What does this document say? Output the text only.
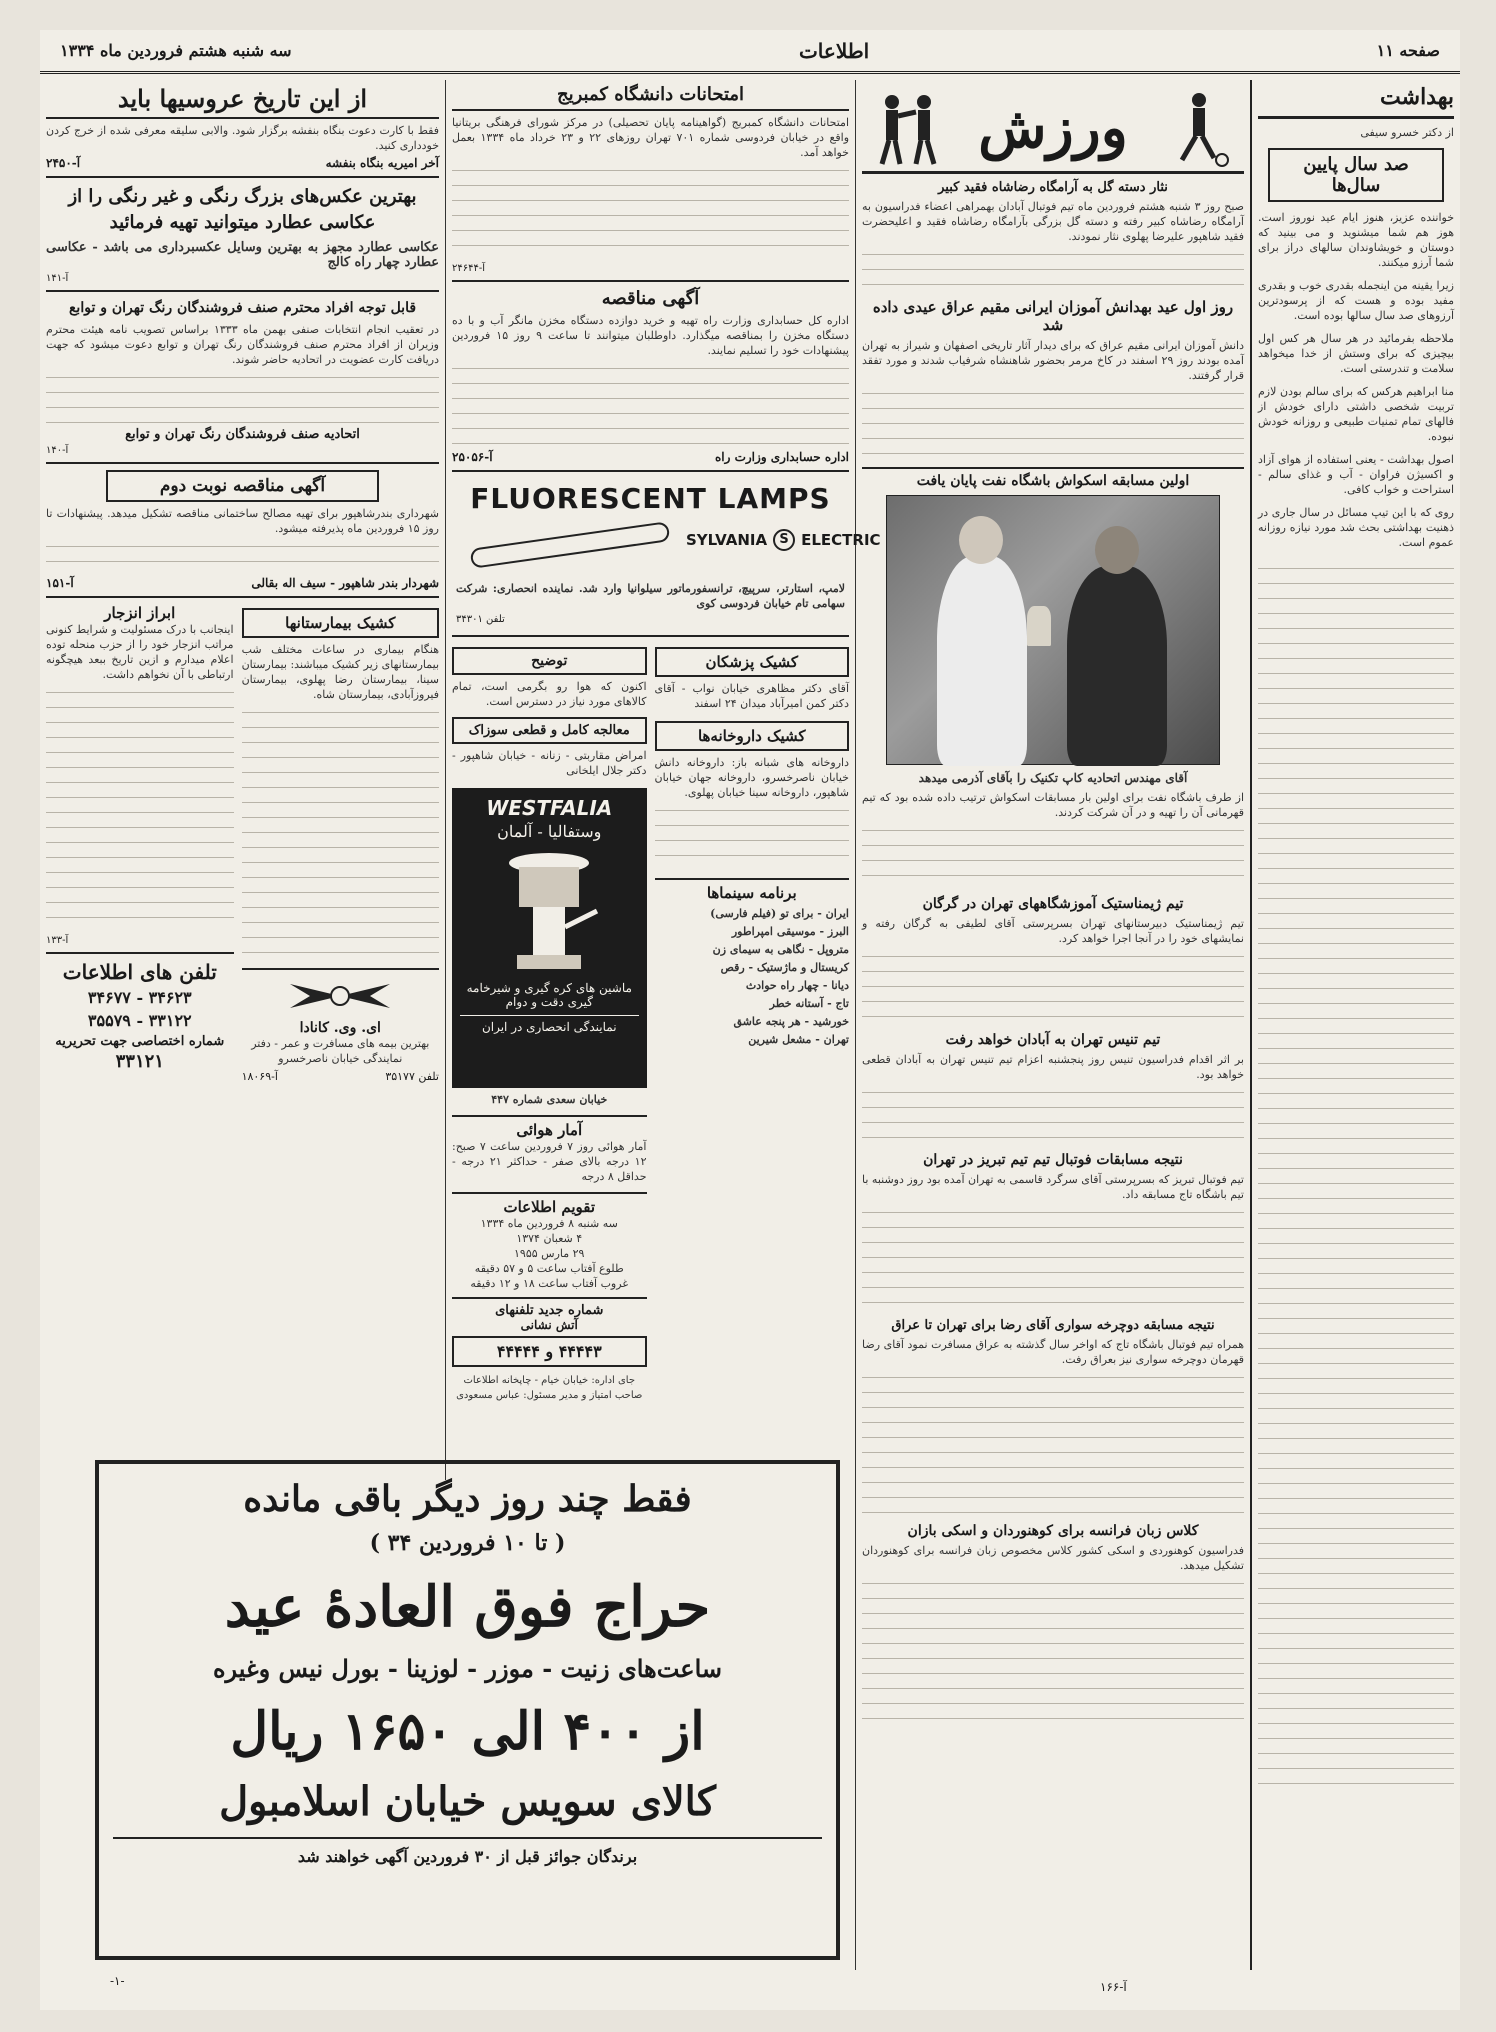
سه شنبه هشتم فروردین ماه ۱۳۳۴	اطلاعات	صفحه ۱۱
بهداشت
از دکتر خسرو سیفی
صد سال پایین سال‌ها

خواننده عزیز، هنوز ایام عید نوروز است. هوز هم شما میشنوید و می بینید که دوستان و خویشاوندان سالهای دراز برای شما آرزو میکنند.

زیرا یقینه من اینجمله بقدری خوب و بقدری مفید بوده و هست که از پرسودترین آرزوهای صد سال سالها بوده است.

ملاحظه بفرمائید در هر سال هر کس اول بیچیزی که برای وستش از خدا میخواهد سلامت و تندرستی است.

منا ابراهیم هرکس که برای سالم بودن لازم تربیت شخصی داشتی دارای خودش از فالهای تمام تمنیات طبیعی و روزانه خودش نبوده.

اصول بهداشت - یعنی استفاده از هوای آزاد و اکسیژن فراوان - آب و غذای سالم - استراحت و خواب کافی.

روی که با این تیپ مسائل در سال جاری در ذهنیت بهداشتی بحث شد مورد نیازه روزانه عموم است.

ورزش
نثار دسته گل به آرامگاه رضاشاه فقید کبیر

صبح روز ۳ شنبه هشتم فروردین ماه تیم فوتبال آبادان بهمراهی اعضاء فدراسیون به آرامگاه رضاشاه کبیر رفته و دسته گل بزرگی بآرامگاه رضاشاه فقید و اعلیحضرت فقید شاهپور علیرضا پهلوی نثار نمودند.

روز اول عید بهدانش آموزان ایرانی مقیم عراق عیدی داده شد

دانش آموزان ایرانی مقیم عراق که برای دیدار آثار تاریخی اصفهان و شیراز به تهران آمده بودند روز ۲۹ اسفند در کاخ مرمر بحضور شاهنشاه شرفیاب شدند و مورد تفقد قرار گرفتند.

اولین مسابقه اسکواش باشگاه نفت پایان یافت
آقای مهندس اتحادیه کاپ تکنیک را بآقای آذرمی میدهد

از طرف باشگاه نفت برای اولین بار مسابقات اسکواش ترتیب داده شده بود که تیم قهرمانی آن را تهیه و در آن شرکت کردند.

تیم ژیمناستیک آموزشگاههای تهران در گرگان

تیم ژیمناستیک دبیرستانهای تهران بسرپرستی آقای لطیفی به گرگان رفته و نمایشهای خود را در آنجا اجرا خواهد کرد.

تیم تنیس تهران به آبادان خواهد رفت

بر اثر اقدام فدراسیون تنیس روز پنجشنبه اعزام تیم تنیس تهران به آبادان قطعی خواهد بود.

نتیجه مسابقات فوتبال تیم تیم تبریز در تهران

تیم فوتبال تبریز که بسرپرستی آقای سرگرد قاسمی به تهران آمده بود روز دوشنبه با تیم باشگاه تاج مسابقه داد.

نتیجه مسابقه دوچرخه سواری آقای رضا برای تهران تا عراق

همراه تیم فوتبال باشگاه تاج که اواخر سال گذشته به عراق مسافرت نمود آقای رضا قهرمان دوچرخه سواری نیز بعراق رفت.

کلاس زبان فرانسه برای کوهنوردان و اسکی بازان

فدراسیون کوهنوردی و اسکی کشور کلاس مخصوص زبان فرانسه برای کوهنوردان تشکیل میدهد.

امتحانات دانشگاه کمبریج

امتحانات دانشگاه کمبریج (گواهینامه پایان تحصیلی) در مرکز شورای فرهنگی بریتانیا واقع در خیابان فردوسی شماره ۷۰۱ تهران روزهای ۲۲ و ۲۳ خرداد ماه ۱۳۳۴ بعمل خواهد آمد.

آ-۲۴۶۴۴
آگهی مناقصه

اداره کل حسابداری وزارت راه تهیه و خرید دوازده دستگاه مخزن مانگر آب و با ده دستگاه مخزن را بمناقصه میگذارد. داوطلبان میتوانند تا ساعت ۹ روز ۱۵ فروردین پیشنهادات خود را تسلیم نمایند.

اداره حسابداری وزارت راه
آ-۲۵۰۵۶
FLUORESCENT LAMPS
SYLVANIA S ELECTRIC

لامپ، استارتر، سرپیچ، ترانسفورماتور سیلوانیا وارد شد. نماینده انحصاری: شرکت سهامی تام خیابان فردوسی کوی

تلفن ۳۴۳۰۱
کشیک پزشکان

آقای دکتر مظاهری خیابان نواب - آقای دکتر کمن امیرآباد میدان ۲۴ اسفند

کشیک داروخانه‌ها

داروخانه های شبانه باز: داروخانه دانش خیابان ناصرخسرو، داروخانه جهان خیابان شاهپور، داروخانه سینا خیابان پهلوی.

برنامه سینماها
ایران - برای تو (فیلم فارسی)
البرز - موسیقی امپراطور
متروپل - نگاهی به سیمای زن
کریستال و ماژستیک - رقص
دیانا - چهار راه حوادث
تاج - آستانه خطر
خورشید - هر پنجه عاشق
تهران - مشعل شیرین
توضیح

اکنون که هوا رو بگرمی است، تمام کالاهای مورد نیاز در دسترس است.

معالجه کامل و قطعی سوزاک

امراض مقاربتی - زنانه - خیابان شاهپور - دکتر جلال ایلخانی

WESTFALIA
وستفالیا - آلمان
ماشین های کره گیری و شیرخامه گیری دقت و دوام
نمایندگی انحصاری در ایران
خیابان سعدی شماره ۴۴۷
آمار هوائی

آمار هوائی روز ۷ فروردین ساعت ۷ صبح: ۱۲ درجه بالای صفر - حداکثر ۲۱ درجه - حداقل ۸ درجه

تقویم اطلاعات
سه شنبه ۸ فروردین ماه ۱۳۳۴
۴ شعبان ۱۳۷۴
۲۹ مارس ۱۹۵۵
طلوع آفتاب ساعت ۵ و ۵۷ دقیقه
غروب آفتاب ساعت ۱۸ و ۱۲ دقیقه
شماره جدید تلفنهای
آتش نشانی
۴۴۴۴۳ و ۴۴۴۴۴
جای اداره: خیابان خیام - چاپخانه اطلاعات
صاحب امتیاز و مدیر مسئول: عباس مسعودی
از این تاریخ عروسیها باید

فقط با کارت دعوت بنگاه بنفشه برگزار شود. والابی سلیقه معرفی شده از خرج کردن خودداری کنید.

آخر امیریه بنگاه بنفشه
آ-۲۴۵۰
بهترین عکس‌های بزرگ رنگی و غیر رنگی را از عکاسی عطارد میتوانید تهیه فرمائید

عکاسی عطارد مجهز به بهترین وسایل عکسبرداری می باشد - عکاسی عطارد چهار راه کالج

آ-۱۴۱
قابل توجه افراد محترم صنف فروشندگان رنگ تهران و توابع

در تعقیب انجام انتخابات صنفی بهمن ماه ۱۳۳۳ براساس تصویب نامه هیئت محترم وزیران از افراد محترم صنف فروشندگان رنگ تهران و توابع دعوت میشود که جهت دریافت کارت عضویت در اتحادیه حاضر شوند.

اتحادیه صنف فروشندگان رنگ تهران و توابع
آ-۱۴۰
آگهی مناقصه نوبت دوم

شهرداری بندرشاهپور برای تهیه مصالح ساختمانی مناقصه تشکیل میدهد. پیشنهادات تا روز ۱۵ فروردین ماه پذیرفته میشود.

شهردار بندر شاهپور - سیف اله بقالی
آ-۱۵۱
کشیک بیمارستانها

هنگام بیماری در ساعات مختلف شب بیمارستانهای زیر کشیک میباشند: بیمارستان سینا، بیمارستان رضا پهلوی، بیمارستان فیروزآبادی، بیمارستان شاه.

ای. وی. کانادا

بهترین بیمه های مسافرت و عمر - دفتر نمایندگی خیابان ناصرخسرو

تلفن ۳۵۱۷۷
آ-۱۸۰۶۹
ابراز انزجار

اینجانب با درک مسئولیت و شرایط کنونی مراتب انزجار خود را از حزب منحله توده اعلام میدارم و ازین تاریخ ببعد هیچگونه ارتباطی با آن نخواهم داشت.

آ-۱۳۳
تلفن های اطلاعات
۳۴۶۲۳ - ۳۴۶۷۷
۳۳۱۲۲ - ۳۵۵۷۹
شماره اختصاصی جهت تحریریه
۳۳۱۲۱
فقط چند روز دیگر باقی مانده
( تا ۱۰ فروردین ۳۴ )
حراج فوق العادهٔ عید
ساعت‌های زنیت - موزر - لوزینا - بورل نیس وغیره
از ۴۰۰ الی ۱۶۵۰ ریال
کالای سویس خیابان اسلامبول
برندگان جوائز قبل از ۳۰ فروردین آگهی خواهند شد
-۱-	آ-۱۶۶
